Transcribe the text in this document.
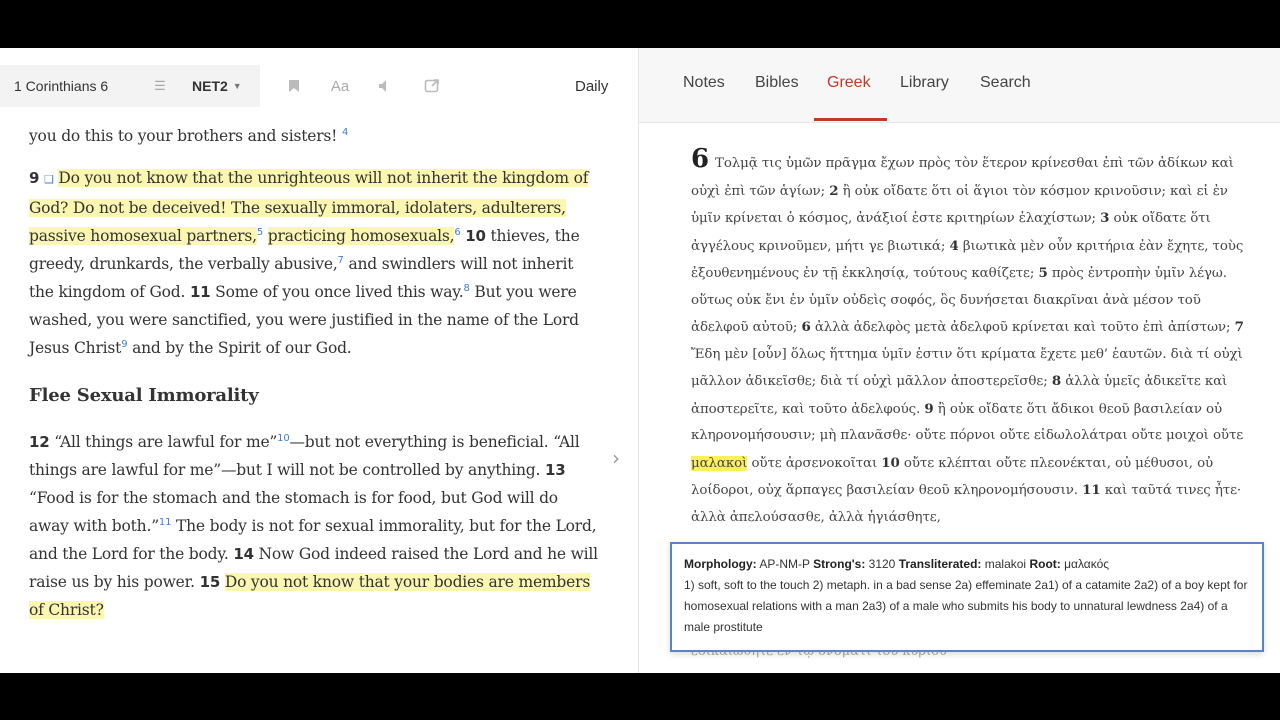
1 Corinthians 6	☰	NET2 ▼	Aa	Daily

you do this to your brothers and sisters! $^4$

9 ❑ Do you not know that the unrighteous will not inherit the kingdom of God? Do not be deceived! The sexually immoral, idolaters, adulterers, passive homosexual partners,$^5$ practicing homosexuals,$^6$ 10 thieves, the greedy, drunkards, the verbally abusive,$^7$ and swindlers will not inherit the kingdom of God. 11 Some of you once lived this way.$^8$ But you were washed, you were sanctified, you were justified in the name of the Lord Jesus Christ$^9$ and by the Spirit of our God.

Flee Sexual Immorality

12 “All things are lawful for me”$^{10}$—but not everything is beneficial. “All things are lawful for me”—but I will not be controlled by anything. 13 “Food is for the stomach and the stomach is for food, but God will do away with both.”$^{11}$ The body is not for sexual immorality, but for the Lord, and the Lord for the body. 14 Now God indeed raised the Lord and he will raise us by his power. 15 Do you not know that your bodies are members of Christ?

›
Notes Bibles Greek Library Search
6 Τολμᾷ τις ὑμῶν πρᾶγμα ἔχων πρὸς τὸν ἕτερον κρίνεσθαι ἐπὶ τῶν ἀδίκων καὶ οὐχὶ ἐπὶ τῶν ἁγίων; 2 ἢ οὐκ οἴδατε ὅτι οἱ ἅγιοι τὸν κόσμον κρινοῦσιν; καὶ εἰ ἐν ὑμῖν κρίνεται ὁ κόσμος, ἀνάξιοί ἐστε κριτηρίων ἐλαχίστων; 3 οὐκ οἴδατε ὅτι ἀγγέλους κρινοῦμεν, μήτι γε βιωτικά; 4 βιωτικὰ μὲν οὖν κριτήρια ἐὰν ἔχητε, τοὺς ἐξουθενημένους ἐν τῇ ἐκκλησίᾳ, τούτους καθίζετε; 5 πρὸς ἐντροπὴν ὑμῖν λέγω. οὕτως οὐκ ἔνι ἐν ὑμῖν οὐδεὶς σοφός, ὃς δυνήσεται διακρῖναι ἀνὰ μέσον τοῦ ἀδελφοῦ αὐτοῦ; 6 ἀλλὰ ἀδελφὸς μετὰ ἀδελφοῦ κρίνεται καὶ τοῦτο ἐπὶ ἀπίστων; 7 Ἔδη μὲν [οὖν] ὅλως ἥττημα ὑμῖν ἐστιν ὅτι κρίματα ἔχετε μεθ’ ἑαυτῶν. διὰ τί οὐχὶ μᾶλλον ἀδικεῖσθε; διὰ τί οὐχὶ μᾶλλον ἀποστερεῖσθε; 8 ἀλλὰ ὑμεῖς ἀδικεῖτε καὶ ἀποστερεῖτε, καὶ τοῦτο ἀδελφούς. 9 ἢ οὐκ οἴδατε ὅτι ἄδικοι θεοῦ βασιλείαν οὐ κληρονομήσουσιν; μὴ πλανᾶσθε· οὔτε πόρνοι οὔτε εἰδωλολάτραι οὔτε μοιχοὶ οὔτε μαλακοὶ οὔτε ἀρσενοκοῖται 10 οὔτε κλέπται οὔτε πλεονέκται, οὐ μέθυσοι, οὐ λοίδοροι, οὐχ ἅρπαγες βασιλείαν θεοῦ κληρονομήσουσιν. 11 καὶ ταῦτά τινες ἦτε· ἀλλὰ ἀπελούσασθε, ἀλλὰ ἡγιάσθητε,
Morphology: AP-NM-P Strong's: 3120 Transliterated: malakoi Root: μαλακός
1) soft, soft to the touch 2) metaph. in a bad sense 2a) effeminate 2a1) of a catamite 2a2) of a boy kept for homosexual relations with a man 2a3) of a male who submits his body to unnatural lewdness 2a4) of a male prostitute
